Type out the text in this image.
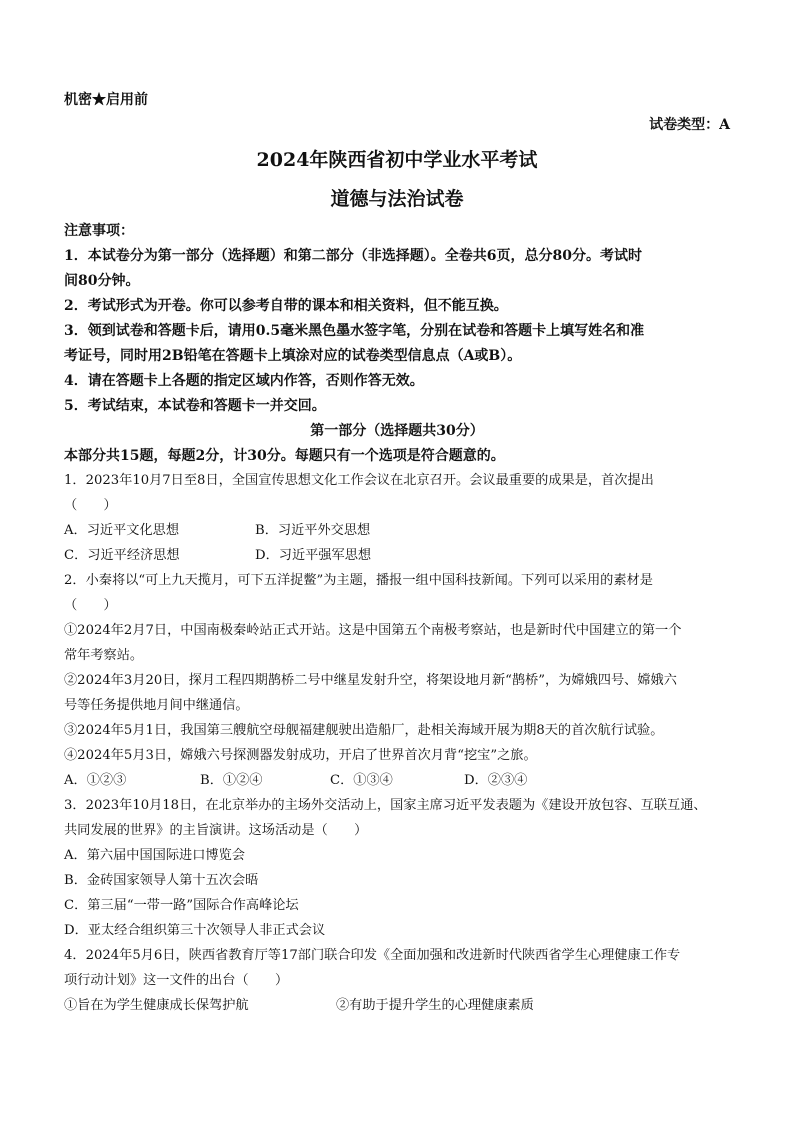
机密★启用前
试卷类型：A
2024年陕西省初中学业水平考试
道德与法治试卷
注意事项：
1．本试卷分为第一部分（选择题）和第二部分（非选择题）。全卷共6页，总分80分。考试时
间80分钟。
2．考试形式为开卷。你可以参考自带的课本和相关资料，但不能互换。
3．领到试卷和答题卡后，请用0.5毫米黑色墨水签字笔，分别在试卷和答题卡上填写姓名和准
考证号，同时用2B铅笔在答题卡上填涂对应的试卷类型信息点（A或B）。
4．请在答题卡上各题的指定区域内作答，否则作答无效。
5．考试结束，本试卷和答题卡一并交回。
第一部分（选择题共30分）
本部分共15题，每题2分，计30分。每题只有一个选项是符合题意的。
1．2023年10月7日至8日，全国宣传思想文化工作会议在北京召开。会议最重要的成果是，首次提出
（　　）
A．习近平文化思想	B．习近平外交思想
C．习近平经济思想	D．习近平强军思想
2．小秦将以“可上九天揽月，可下五洋捉鳖”为主题，播报一组中国科技新闻。下列可以采用的素材是
（　　）
①2024年2月7日，中国南极秦岭站正式开站。这是中国第五个南极考察站，也是新时代中国建立的第一个
常年考察站。
②2024年3月20日，探月工程四期鹊桥二号中继星发射升空，将架设地月新“鹊桥”，为嫦娥四号、嫦娥六
号等任务提供地月间中继通信。
③2024年5月1日，我国第三艘航空母舰福建舰驶出造船厂，赴相关海域开展为期8天的首次航行试验。
④2024年5月3日，嫦娥六号探测器发射成功，开启了世界首次月背“挖宝”之旅。
A．①②③	B．①②④	C．①③④	D．②③④
3．2023年10月18日，在北京举办的主场外交活动上，国家主席习近平发表题为《建设开放包容、互联互通、
共同发展的世界》的主旨演讲。这场活动是（　　）
A．第六届中国国际进口博览会
B．金砖国家领导人第十五次会晤
C．第三届“一带一路”国际合作高峰论坛
D．亚太经合组织第三十次领导人非正式会议
4．2024年5月6日，陕西省教育厅等17部门联合印发《全面加强和改进新时代陕西省学生心理健康工作专
项行动计划》这一文件的出台（　　）
①旨在为学生健康成长保驾护航	②有助于提升学生的心理健康素质
